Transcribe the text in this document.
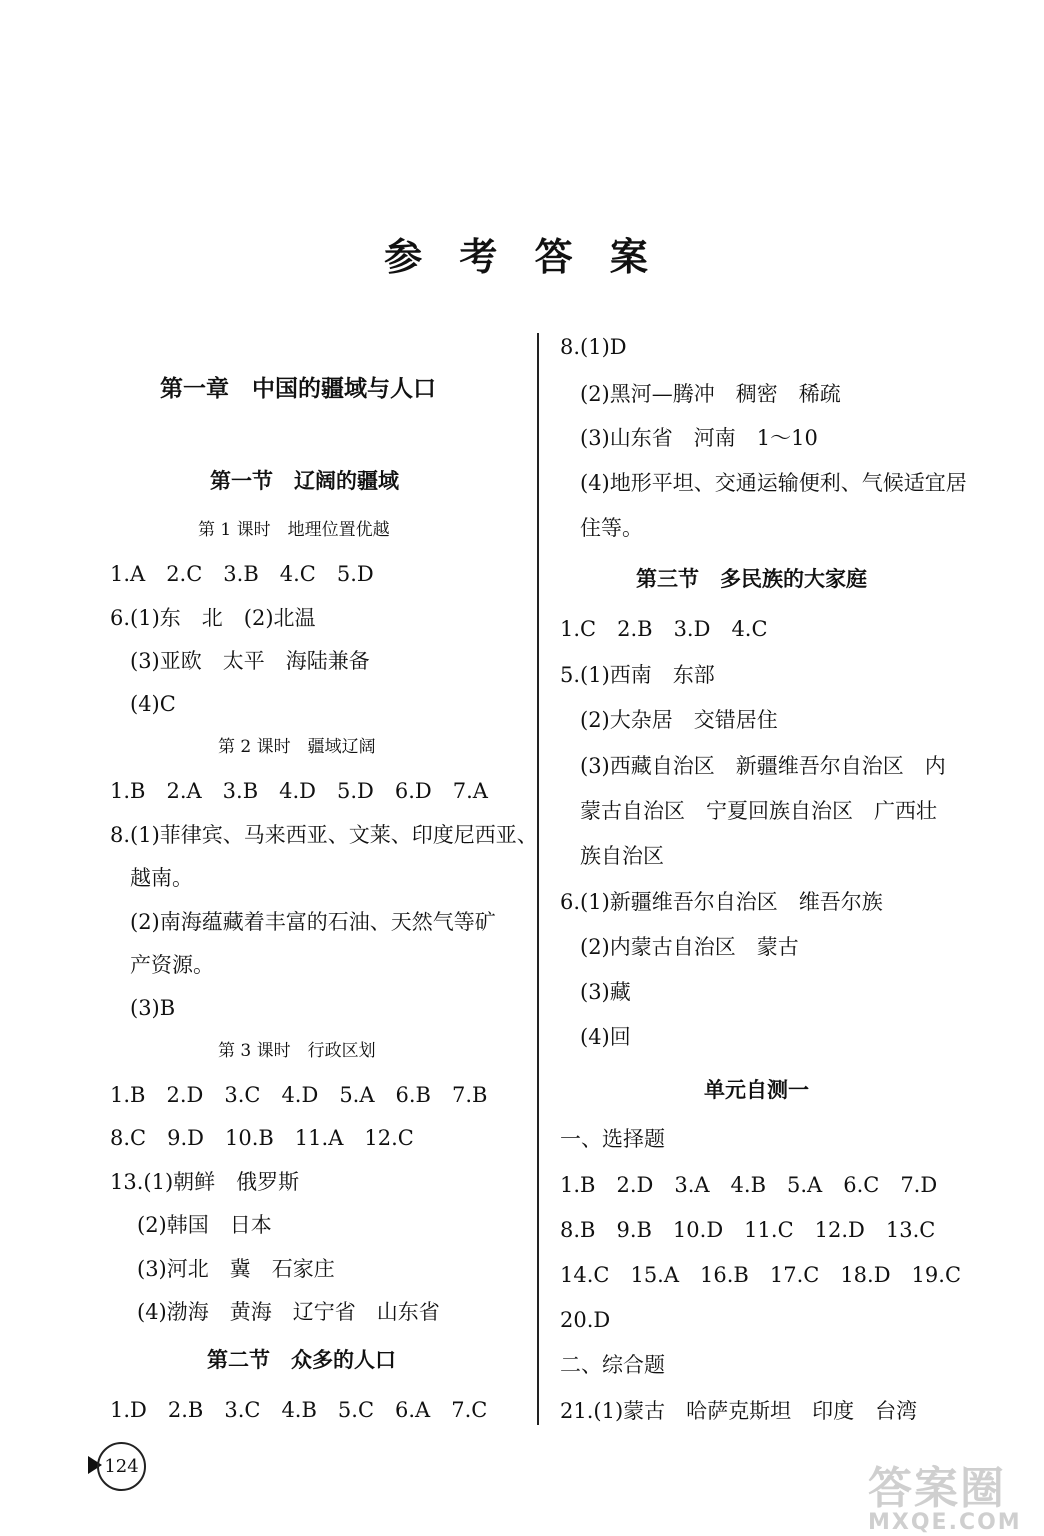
参 考 答 案
第一章　中国的疆域与人口
第一节　辽阔的疆域
第 1 课时　地理位置优越
1.A　2.C　3.B　4.C　5.D
6.(1)东　北　(2)北温
(3)亚欧　太平　海陆兼备
(4)C
第 2 课时　疆域辽阔
1.B　2.A　3.B　4.D　5.D　6.D　7.A
8.(1)菲律宾、马来西亚、文莱、印度尼西亚、
越南。
(2)南海蕴藏着丰富的石油、天然气等矿
产资源。
(3)B
第 3 课时　行政区划
1.B　2.D　3.C　4.D　5.A　6.B　7.B
8.C　9.D　10.B　11.A　12.C
13.(1)朝鲜　俄罗斯
(2)韩国　日本
(3)河北　冀　石家庄
(4)渤海　黄海　辽宁省　山东省
第二节　众多的人口
1.D　2.B　3.C　4.B　5.C　6.A　7.C
8.(1)D
(2)黑河—腾冲　稠密　稀疏
(3)山东省　河南　1～10
(4)地形平坦、交通运输便利、气候适宜居
住等。
第三节　多民族的大家庭
1.C　2.B　3.D　4.C
5.(1)西南　东部
(2)大杂居　交错居住
(3)西藏自治区　新疆维吾尔自治区　内
蒙古自治区　宁夏回族自治区　广西壮
族自治区
6.(1)新疆维吾尔自治区　维吾尔族
(2)内蒙古自治区　蒙古
(3)藏
(4)回
单元自测一
一、选择题
1.B　2.D　3.A　4.B　5.A　6.C　7.D
8.B　9.B　10.D　11.C　12.D　13.C
14.C　15.A　16.B　17.C　18.D　19.C
20.D
二、综合题
21.(1)蒙古　哈萨克斯坦　印度　台湾
124	答案圈
MXQE.COM
